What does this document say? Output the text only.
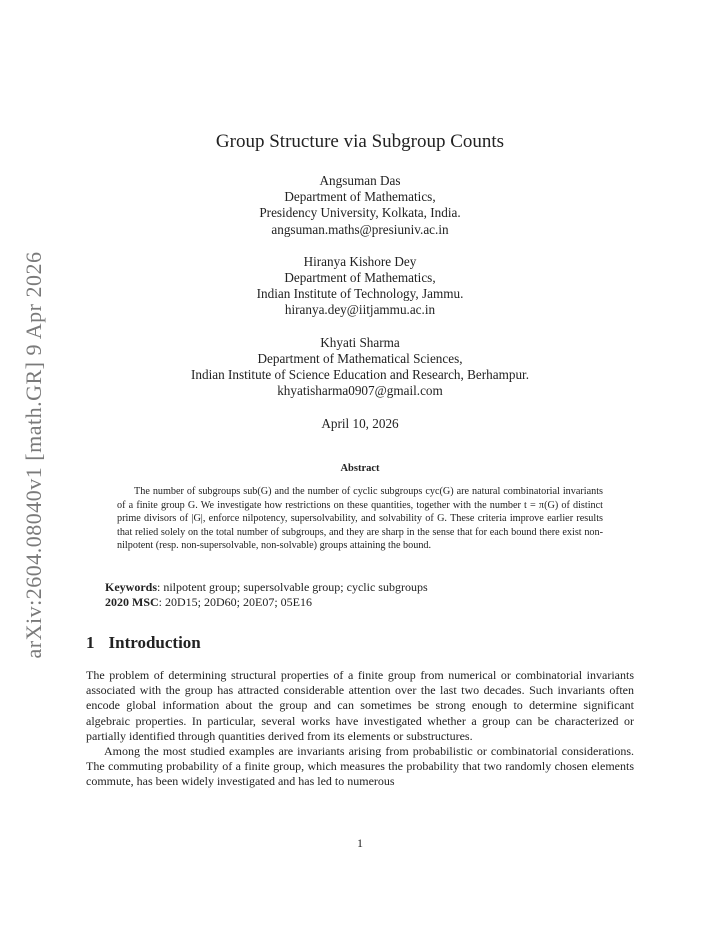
arXiv:2604.08040v1 [math.GR] 9 Apr 2026
Group Structure via Subgroup Counts
Angsuman Das
Department of Mathematics,
Presidency University, Kolkata, India.
angsuman.maths@presiuniv.ac.in
Hiranya Kishore Dey
Department of Mathematics,
Indian Institute of Technology, Jammu.
hiranya.dey@iitjammu.ac.in
Khyati Sharma
Department of Mathematical Sciences,
Indian Institute of Science Education and Research, Berhampur.
khyatisharma0907@gmail.com
April 10, 2026
Abstract
The number of subgroups sub(G) and the number of cyclic subgroups cyc(G) are natural combinatorial invariants of a finite group G. We investigate how restrictions on these quantities, together with the number t = π(G) of distinct prime divisors of |G|, enforce nilpotency, supersolvability, and solvability of G. These criteria improve earlier results that relied solely on the total number of subgroups, and they are sharp in the sense that for each bound there exist non-nilpotent (resp. non-supersolvable, non-solvable) groups attaining the bound.
Keywords: nilpotent group; supersolvable group; cyclic subgroups
2020 MSC: 20D15; 20D60; 20E07; 05E16
1 Introduction

The problem of determining structural properties of a finite group from numerical or combinatorial invariants associated with the group has attracted considerable attention over the last two decades. Such invariants often encode global information about the group and can sometimes be strong enough to determine significant algebraic properties. In particular, several works have investigated whether a group can be characterized or partially identified through quantities derived from its elements or substructures.

Among the most studied examples are invariants arising from probabilistic or combinatorial considerations. The commuting probability of a finite group, which measures the probability that two randomly chosen elements commute, has been widely investigated and has led to numerous

1
